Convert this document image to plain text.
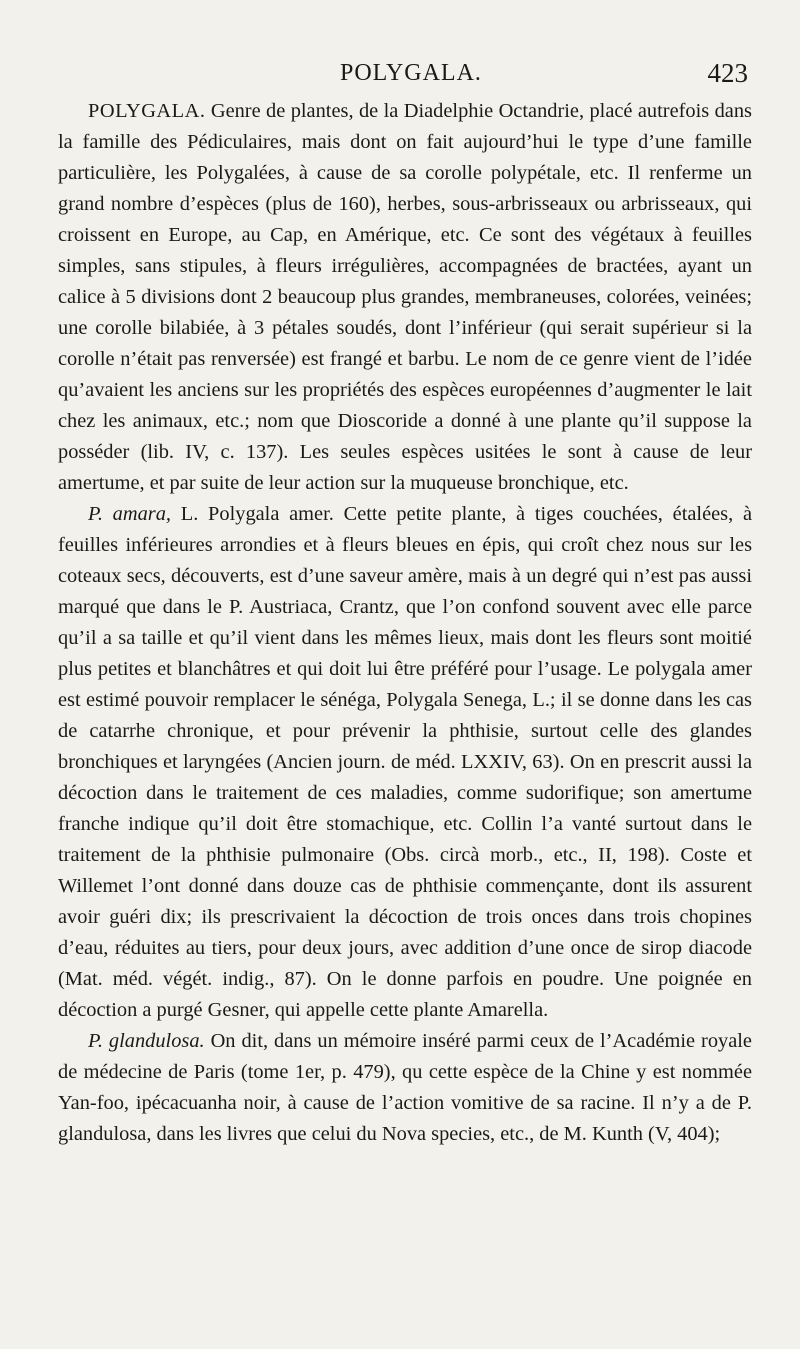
POLYGALA.	423

POLYGALA. Genre de plantes, de la Diadelphie Octandrie, placé autrefois dans la famille des Pédiculaires, mais dont on fait aujourd’hui le type d’une famille particulière, les Polygalées, à cause de sa corolle polypétale, etc. Il renferme un grand nombre d’espèces (plus de 160), herbes, sous-arbrisseaux ou arbrisseaux, qui croissent en Europe, au Cap, en Amérique, etc. Ce sont des végétaux à feuilles simples, sans stipules, à fleurs irrégulières, accompagnées de bractées, ayant un calice à 5 divisions dont 2 beaucoup plus grandes, membraneuses, colorées, veinées; une corolle bilabiée, à 3 pétales soudés, dont l’inférieur (qui serait supérieur si la corolle n’était pas renversée) est frangé et barbu. Le nom de ce genre vient de l’idée qu’avaient les anciens sur les propriétés des espèces européennes d’augmenter le lait chez les animaux, etc.; nom que Dioscoride a donné à une plante qu’il suppose la posséder (lib. IV, c. 137). Les seules espèces usitées le sont à cause de leur amertume, et par suite de leur action sur la muqueuse bronchique, etc.

P. amara, L. Polygala amer. Cette petite plante, à tiges couchées, étalées, à feuilles inférieures arrondies et à fleurs bleues en épis, qui croît chez nous sur les coteaux secs, découverts, est d’une saveur amère, mais à un degré qui n’est pas aussi marqué que dans le P. Austriaca, Crantz, que l’on confond souvent avec elle parce qu’il a sa taille et qu’il vient dans les mêmes lieux, mais dont les fleurs sont moitié plus petites et blanchâtres et qui doit lui être préféré pour l’usage. Le polygala amer est estimé pouvoir remplacer le sénéga, Polygala Senega, L.; il se donne dans les cas de catarrhe chronique, et pour prévenir la phthisie, surtout celle des glandes bronchiques et laryngées (Ancien journ. de méd. LXXIV, 63). On en prescrit aussi la décoction dans le traitement de ces maladies, comme sudorifique; son amertume franche indique qu’il doit être stomachique, etc. Collin l’a vanté surtout dans le traitement de la phthisie pulmonaire (Obs. circà morb., etc., II, 198). Coste et Willemet l’ont donné dans douze cas de phthisie commençante, dont ils assurent avoir guéri dix; ils prescrivaient la décoction de trois onces dans trois chopines d’eau, réduites au tiers, pour deux jours, avec addition d’une once de sirop diacode (Mat. méd. végét. indig., 87). On le donne parfois en poudre. Une poignée en décoction a purgé Gesner, qui appelle cette plante Amarella.

P. glandulosa. On dit, dans un mémoire inséré parmi ceux de l’Académie royale de médecine de Paris (tome 1er, p. 479), qu cette espèce de la Chine y est nommée Yan-foo, ipécacuanha noir, à cause de l’action vomitive de sa racine. Il n’y a de P. glandulosa, dans les livres que celui du Nova species, etc., de M. Kunth (V, 404);
